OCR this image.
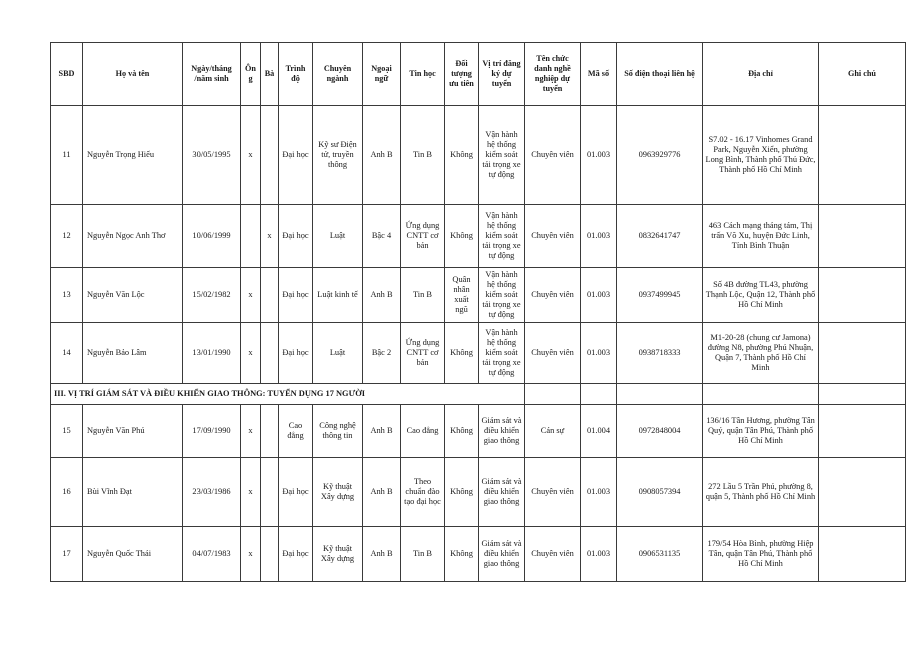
SBD	Họ và tên	Ngày/tháng /năm sinh	Ông	Bà	Trình độ	Chuyên ngành	Ngoại ngữ	Tin học	Đối tượng ưu tiên	Vị trí đăng ký dự tuyển	Tên chức danh nghề nghiệp dự tuyển	Mã số	Số điện thoại liên hệ	Địa chỉ	Ghi chú
11	Nguyễn Trọng Hiếu	30/05/1995	x		Đại học	Kỹ sư Điện tử, truyền thông	Anh B	Tin B	Không	Vận hành hệ thống kiểm soát tải trọng xe tự động	Chuyên viên	01.003	0963929776	S7.02 - 16.17 Vinhomes Grand Park, Nguyễn Xiển, phường Long Bình, Thành phố Thủ Đức, Thành phố Hồ Chí Minh	
12	Nguyễn Ngọc Anh Thơ	10/06/1999		x	Đại học	Luật	Bậc 4	Ứng dụng CNTT cơ bản	Không	Vận hành hệ thống kiểm soát tải trọng xe tự động	Chuyên viên	01.003	0832641747	463 Cách mạng tháng tám, Thị trấn Võ Xu, huyện Đức Linh, Tỉnh Bình Thuận	
13	Nguyễn Văn Lộc	15/02/1982	x		Đại học	Luật kinh tế	Anh B	Tin B	Quân nhân xuất ngũ	Vận hành hệ thống kiểm soát tải trọng xe tự động	Chuyên viên	01.003	0937499945	Số 4B đường TL43, phường Thạnh Lộc, Quận 12, Thành phố Hồ Chí Minh	
14	Nguyễn Bảo Lâm	13/01/1990	x		Đại học	Luật	Bậc 2	Ứng dụng CNTT cơ bản	Không	Vận hành hệ thống kiểm soát tải trọng xe tự động	Chuyên viên	01.003	0938718333	M1-20-28 (chung cư Jamona) đường N8, phường Phú Nhuận, Quận 7, Thành phố Hồ Chí Minh	
III. VỊ TRÍ GIÁM SÁT VÀ ĐIỀU KHIỂN GIAO THÔNG: TUYỂN DỤNG 17 NGƯỜI															
15	Nguyễn Văn Phú	17/09/1990	x		Cao đẳng	Công nghệ thông tin	Anh B	Cao đẳng	Không	Giám sát và điều khiển giao thông	Cán sự	01.004	0972848004	136/16 Tân Hương, phường Tân Quý, quận Tân Phú, Thành phố Hồ Chí Minh	
16	Bùi Vĩnh Đạt	23/03/1986	x		Đại học	Kỹ thuật Xây dựng	Anh B	Theo chuẩn đào tạo đại học	Không	Giám sát và điều khiển giao thông	Chuyên viên	01.003	0908057394	272 Lầu 5 Trần Phú, phường 8, quận 5, Thành phố Hồ Chí Minh	
17	Nguyễn Quốc Thái	04/07/1983	x		Đại học	Kỹ thuật Xây dựng	Anh B	Tin B	Không	Giám sát và điều khiển giao thông	Chuyên viên	01.003	0906531135	179/54 Hòa Bình, phường Hiệp Tân, quận Tân Phú, Thành phố Hồ Chí Minh	
